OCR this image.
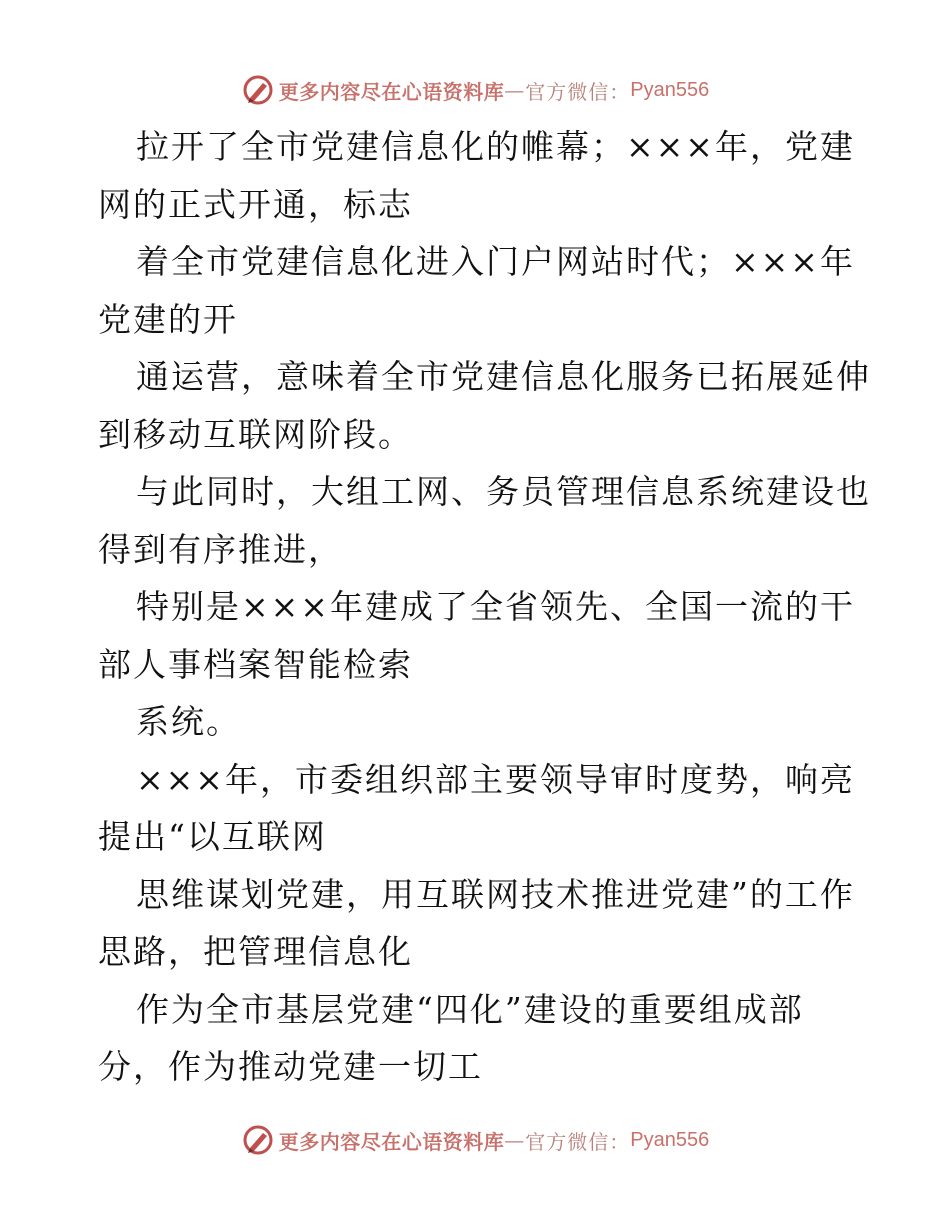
更多内容尽在心语资料库 — 官方微信： Pyan556
拉开了全市党建信息化的帷幕；×××年，党建
网的正式开通，标志
着全市党建信息化进入门户网站时代；×××年
党建的开
通运营，意味着全市党建信息化服务已拓展延伸
到移动互联网阶段。
与此同时，大组工网、务员管理信息系统建设也
得到有序推进，
特别是×××年建成了全省领先、全国一流的干
部人事档案智能检索
系统。
×××年，市委组织部主要领导审时度势，响亮
提出“以互联网
思维谋划党建，用互联网技术推进党建”的工作
思路，把管理信息化
作为全市基层党建“四化”建设的重要组成部
分，作为推动党建一切工
更多内容尽在心语资料库 — 官方微信： Pyan556
